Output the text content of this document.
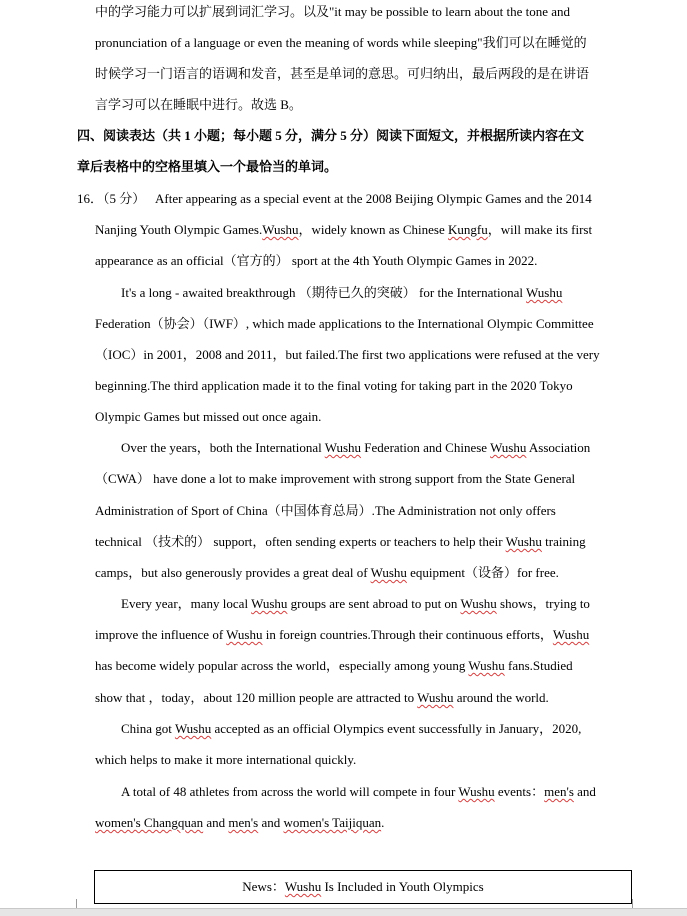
中的学习能力可以扩展到词汇学习。以及"it may be possible to learn about the tone and
pronunciation of a language or even the meaning of words while sleeping"我们可以在睡觉的
时候学习一门语言的语调和发音，甚至是单词的意思。可归纳出，最后两段的是在讲语
言学习可以在睡眠中进行。故选 B。
四、阅读表达（共 1 小题；每小题 5 分，满分 5 分）阅读下面短文，并根据所读内容在文
章后表格中的空格里填入一个最恰当的单词。
16．（5 分） After appearing as a special event at the 2008 Beijing Olympic Games and the 2014
Nanjing Youth Olympic Games.Wushu，widely known as Chinese Kungfu，will make its first
appearance as an official（官方的） sport at the 4th Youth Olympic Games in 2022.
It's a long - awaited breakthrough （期待已久的突破） for the International Wushu
Federation（协会）（IWF）, which made applications to the International Olympic Committee
（IOC）in 2001，2008 and 2011，but failed.The first two applications were refused at the very
beginning.The third application made it to the final voting for taking part in the 2020 Tokyo
Olympic Games but missed out once again.
Over the years，both the International Wushu Federation and Chinese Wushu Association
（CWA） have done a lot to make improvement with strong support from the State General
Administration of Sport of China（中国体育总局）.The Administration not only offers
technical （技术的） support，often sending experts or teachers to help their Wushu training
camps，but also generously provides a great deal of Wushu equipment（设备）for free.
Every year，many local Wushu groups are sent abroad to put on Wushu shows，trying to
improve the influence of Wushu in foreign countries.Through their continuous efforts，Wushu
has become widely popular across the world，especially among young Wushu fans.Studied
show that ，today，about 120 million people are attracted to Wushu around the world.
China got Wushu accepted as an official Olympics event successfully in January，2020,
which helps to make it more international quickly.
A total of 48 athletes from across the world will compete in four Wushu events：men's and
women's Changquan and men's and women's Taijiquan.
News：Wushu Is Included in Youth Olympics
